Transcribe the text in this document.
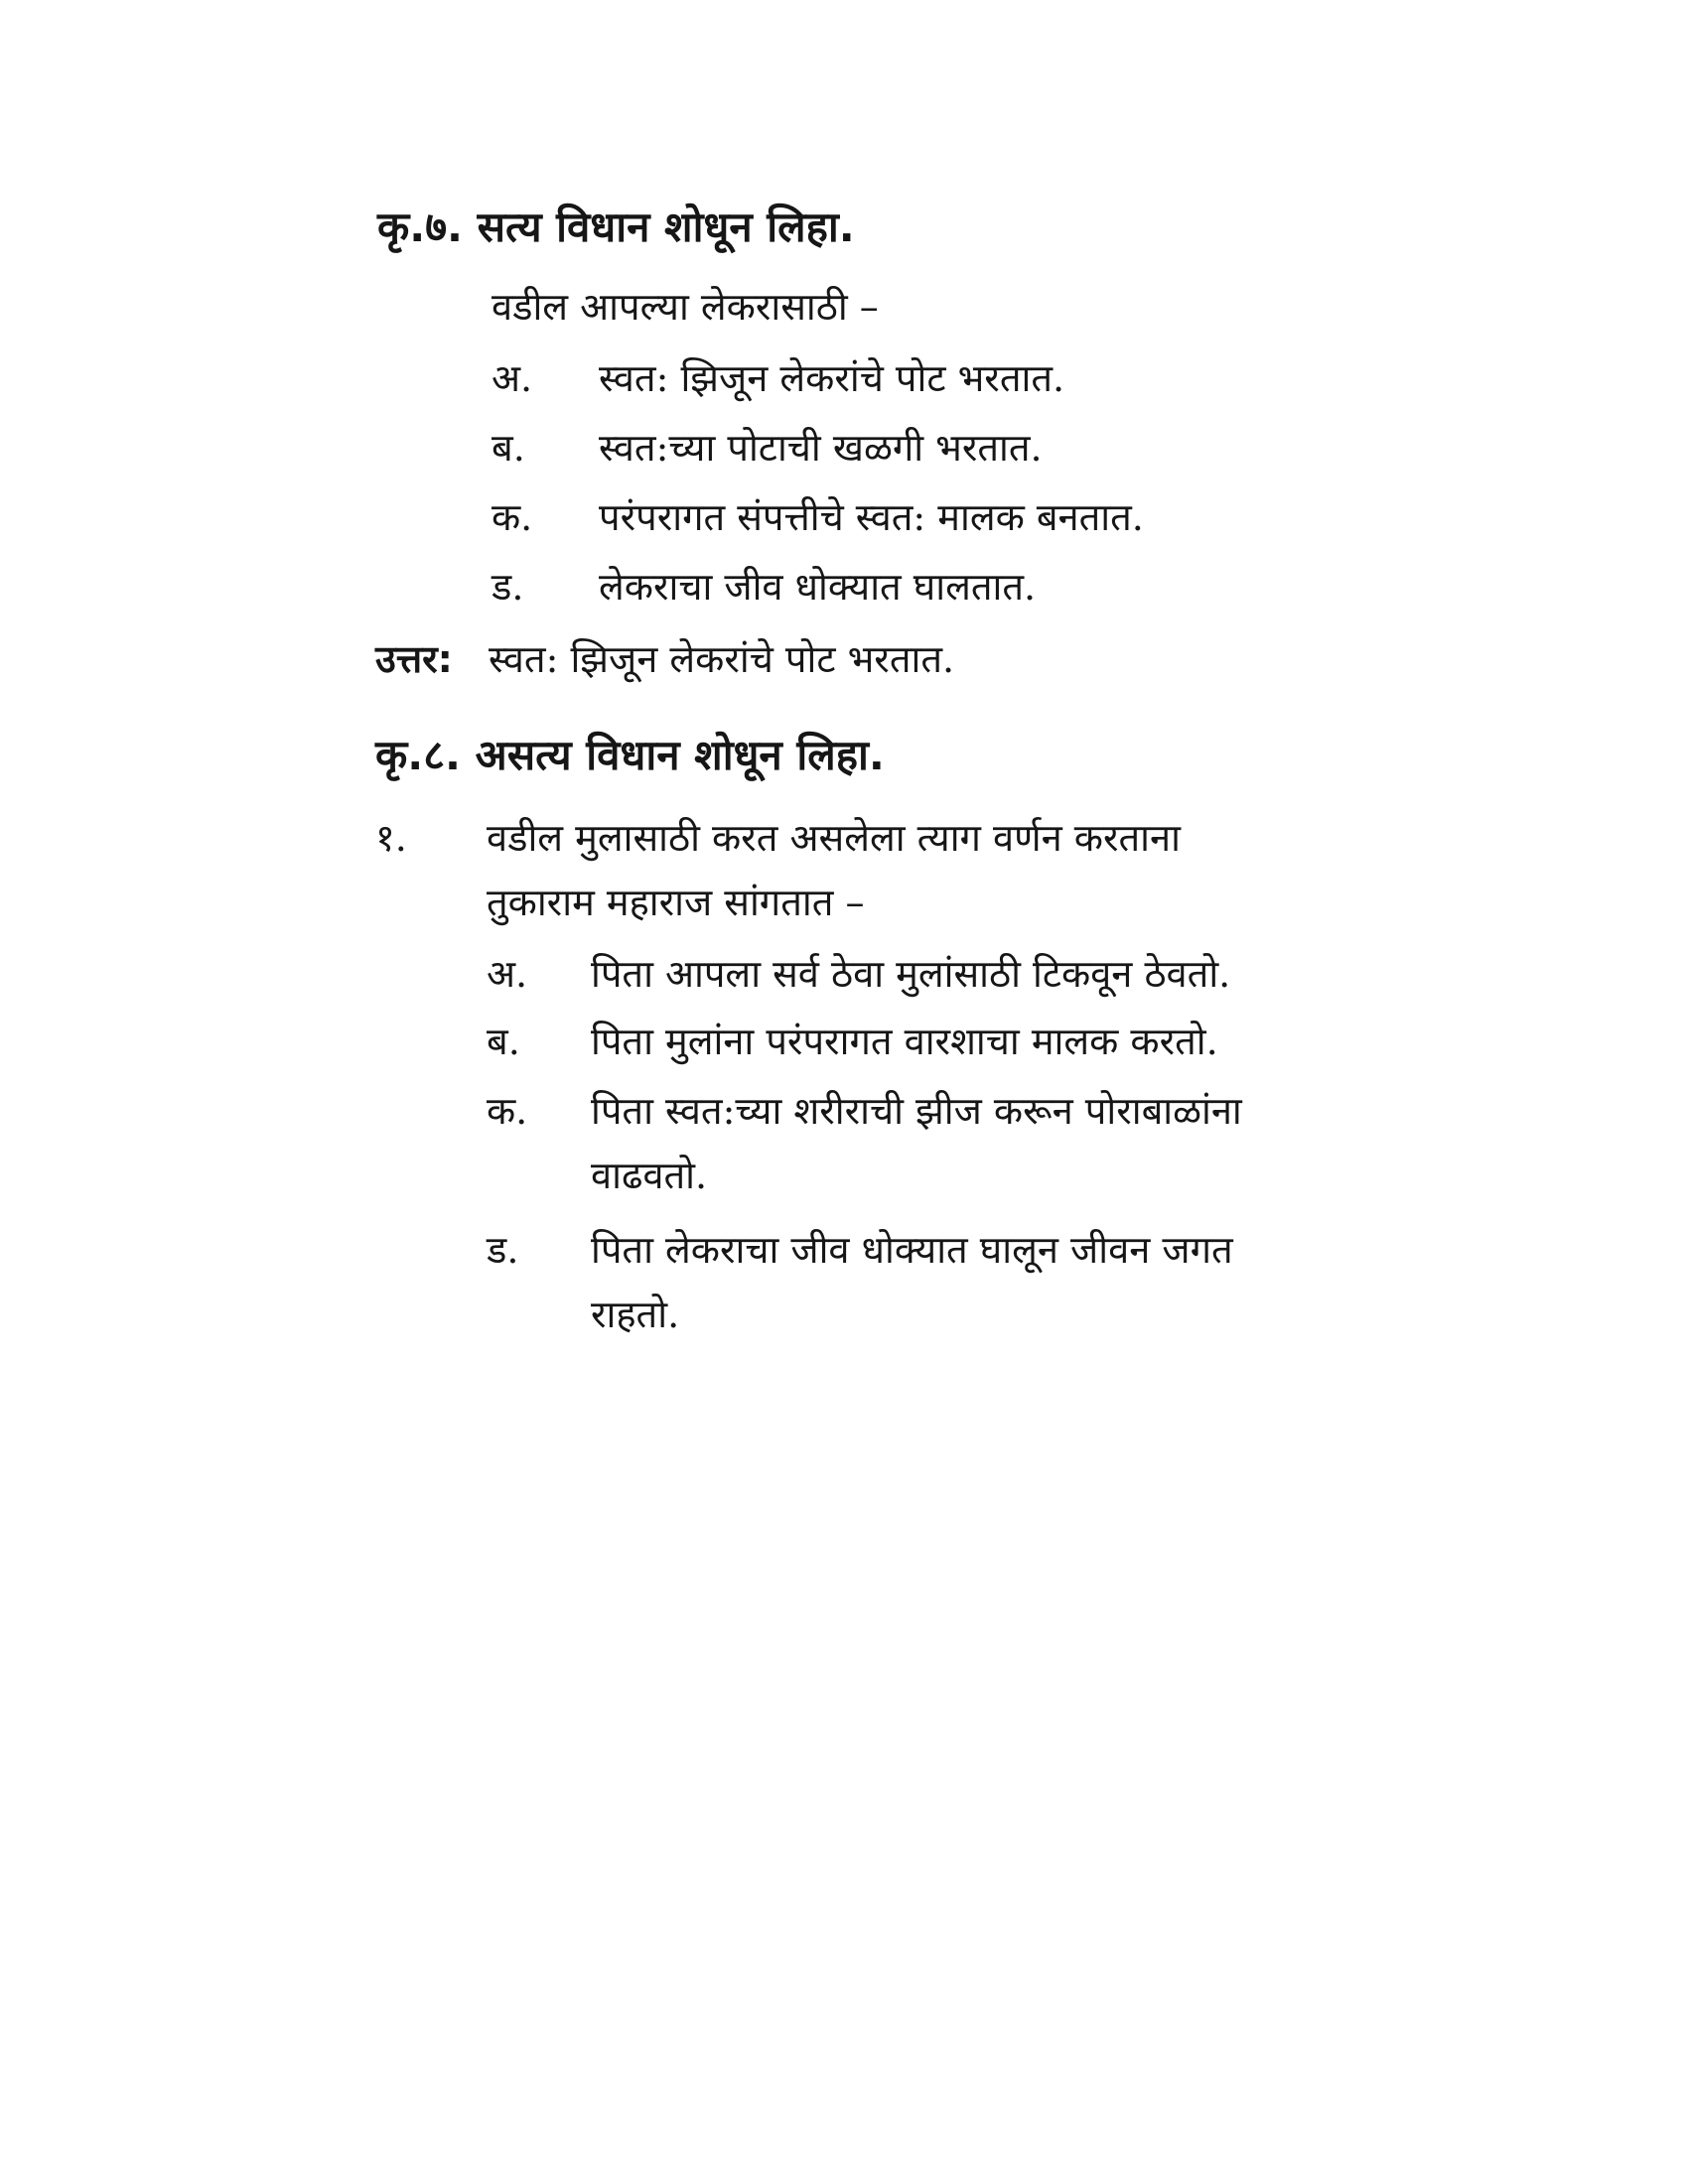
कृ.७. सत्य विधान शोधून लिहा.
वडील आपल्या लेकरासाठी –
अ. स्वत: झिजून लेकरांचे पोट भरतात.
ब. स्वत:च्या पोटाची खळगी भरतात.
क. परंपरागत संपत्तीचे स्वत: मालक बनतात.
ड. लेकराचा जीव धोक्यात घालतात.
उत्तर: स्वत: झिजून लेकरांचे पोट भरतात.
कृ.८. असत्य विधान शोधून लिहा.
१. वडील मुलासाठी करत असलेला त्याग वर्णन करताना
तुकाराम महाराज सांगतात –
अ. पिता आपला सर्व ठेवा मुलांसाठी टिकवून ठेवतो.
ब. पिता मुलांना परंपरागत वारशाचा मालक करतो.
क. पिता स्वत:च्या शरीराची झीज करून पोराबाळांना
वाढवतो.
ड. पिता लेकराचा जीव धोक्यात घालून जीवन जगत
राहतो.
